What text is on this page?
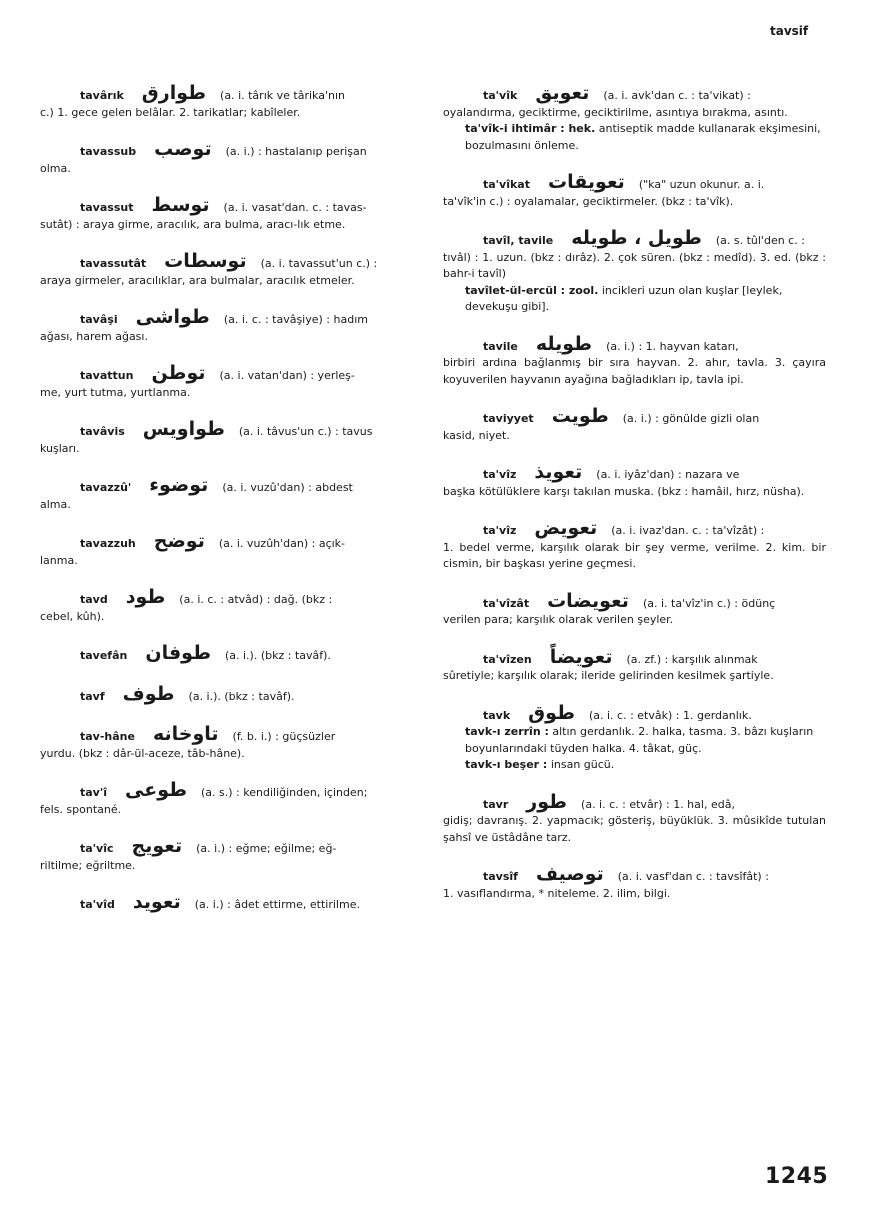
tavsif
tavârık طوارق (a. i. târık ve târika'nın
c.) 1. gece gelen belâlar. 2. tarikatlar; kabîleler.
tavassub توصب (a. i.) : hastalanıp perişan
olma.
tavassut توسط (a. i. vasat'dan. c. : tavas-
sutât) : araya girme, aracılık, ara bulma, aracı-lık etme.
tavassutât توسطات (a. i. tavassut'un c.) :
araya girmeler, aracılıklar, ara bulmalar, aracılık etmeler.
tavâşi طواشى (a. i. c. : tavâşiye) : hadım
ağası, harem ağası.
tavattun توطن (a. i. vatan'dan) : yerleş-
me, yurt tutma, yurtlanma.
tavâvis طواويس (a. i. tâvus'un c.) : tavus
kuşları.
tavazzû' توضوء (a. i. vuzû'dan) : abdest
alma.
tavazzuh توضح (a. i. vuzûh'dan) : açık-
lanma.
tavd طود (a. i. c. : atvâd) : dağ. (bkz :
cebel, kûh).
tavefân طوفان (a. i.). (bkz : tavâf).
tavf طوف (a. i.). (bkz : tavâf).
tav-hâne تاوخانه (f. b. i.) : güçsüzler
yurdu. (bkz : dâr-ül-aceze, tâb-hâne).
tav'î طوعى (a. s.) : kendiliğinden, içinden;
fels. spontané.
ta'vîc تعويج (a. i.) : eğme; eğilme; eğ-
riltilme; eğriltme.
ta'vîd تعويد (a. i.) : âdet ettirme, ettirilme.
ta'vîk تعويق (a. i. avk'dan c. : ta'vikat) :
oyalandırma, geciktirme, geciktirilme, asıntıya bırakma, asıntı.
ta'vîk-i ihtimâr : hek. antiseptik madde kullanarak ekşimesini, bozulmasını önleme.
ta'vîkat تعويقات ("ka" uzun okunur. a. i.
ta'vîk'in c.) : oyalamalar, geciktirmeler. (bkz : ta'vîk).
tavîl, tavile طويل ، طويله (a. s. tûl'den c. :
tıvâl) : 1. uzun. (bkz : dırâz). 2. çok süren. (bkz : medîd). 3. ed. (bkz : bahr-i tavîl)
tavîlet-ül-ercül : zool. incikleri uzun olan kuşlar [leylek, devekuşu gibi].
tavile طويله (a. i.) : 1. hayvan katarı,
birbiri ardına bağlanmış bir sıra hayvan. 2. ahır, tavla. 3. çayıra koyuverilen hayvanın ayağına bağladıkları ip, tavla ipi.
taviyyet طويت (a. i.) : gönülde gizli olan
kasid, niyet.
ta'vîz تعويذ (a. i. iyâz'dan) : nazara ve
başka kötülüklere karşı takılan muska. (bkz : hamâil, hırz, nüsha).
ta'vîz تعويض (a. i. ivaz'dan. c. : ta'vîzât) :
1. bedel verme, karşılık olarak bir şey verme, verilme. 2. kim. bir cismin, bir başkası yerine geçmesi.
ta'vîzât تعويضات (a. i. ta'vîz'in c.) : ödünç
verilen para; karşılık olarak verilen şeyler.
ta'vîzen تعويضاً (a. zf.) : karşılık alınmak
sûretiyle; karşılık olarak; ileride gelirinden kesilmek şartiyle.
tavk طوق (a. i. c. : etvâk) : 1. gerdanlık.
tavk-ı zerrîn : altın gerdanlık. 2. halka, tasma. 3. bâzı kuşların boyunlarındaki tüyden halka. 4. tâkat, güç.
tavk-ı beşer : insan gücü.
tavr طور (a. i. c. : etvâr) : 1. hal, edâ,
gidiş; davranış. 2. yapmacık; gösteriş, büyüklük. 3. mûsikîde tutulan şahsî ve üstâdâne tarz.
tavsîf توصيف (a. i. vasf'dan c. : tavsîfât) :
1. vasıflandırma, * niteleme. 2. ilim, bilgi.
1245
